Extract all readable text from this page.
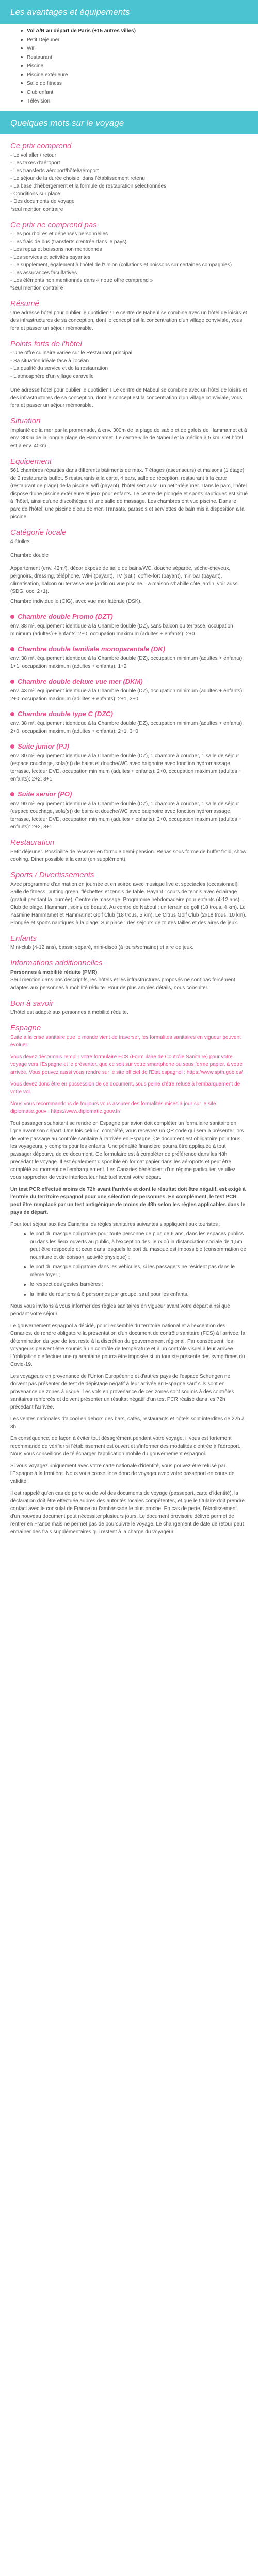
Les avantages et équipements
Vol A/R au départ de Paris (+15 autres villes)
Petit Déjeuner
Wifi
Restaurant
Piscine
Piscine extérieure
Salle de fitness
Club enfant
Télévision
Quelques mots sur le voyage
Ce prix comprend

- Le vol aller / retour

- Les taxes d'aéroport

- Les transferts aéroport/hôtel/aéroport

- Le séjour de la durée choisie, dans l'établissement retenu

- La base d'hébergement et la formule de restauration sélectionnées.

- Conditions sur place

- Des documents de voyage

*seul mention contraire

Ce prix ne comprend pas

- Les pourboires et dépenses personnelles

- Les frais de bus (transferts d'entrée dans le pays)

- Les repas et boissons non mentionnés

- Les services et activités payantes

- Le supplément, également à l'hôtel de l'Union (collations et boissons sur certaines compagnies)

- Les assurances facultatives

- Les éléments non mentionnés dans « notre offre comprend »

*seul mention contraire

Résumé
Une adresse hôtel pour oublier le quotidien ! Le centre de Nabeul se combine avec un hôtel de loisirs et des infrastructures de sa conception, dont le concept est la concentration d'un village conviviale, vous fera et passer un séjour mémorable.
Points forts de l'hôtel

- Une offre culinaire variée sur le Restaurant principal

- Sa situation idéale face à l'océan

- La qualité du service et de la restauration

- L'atmosphère d'un village caravelle

Une adresse hôtel pour oublier le quotidien ! Le centre de Nabeul se combine avec un hôtel de loisirs et des infrastructures de sa conception, dont le concept est la concentration d'un village conviviale, vous fera et passer un séjour mémorable.
Situation
Implanté de la mer par la promenade, à env. 300m de la plage de sable et de galets de Hammamet et à env. 800m de la longue plage de Hammamet. Le centre-ville de Nabeul et la médina à 5 km. Cet hôtel est à env. 40km.
Equipement
561 chambres réparties dans différents bâtiments de max. 7 étages (ascenseurs) et maisons (1 étage) de 2 restaurants buffet, 5 restaurants à la carte, 4 bars, salle de réception, restaurant à la carte (restaurant de plage) de la piscine, wifi (payant), l'hôtel sert aussi un petit-déjeuner. Dans le parc, l'hôtel dispose d'une piscine extérieure et jeux pour enfants. Le centre de plongée et sports nautiques est situé à l'hôtel, ainsi qu'une discothèque et une salle de massage. Les chambres ont vue piscine. Dans le parc de l'hôtel, une piscine d'eau de mer. Transats, parasols et serviettes de bain mis à disposition à la piscine.
Catégorie locale
4 étoiles
Chambre double
Appartement (env. 42m²), décor exposé de salle de bains/WC, douche séparée, sèche-cheveux, peignoirs, dressing, téléphone, WiFi (payant), TV (sat.), coffre-fort (payant), minibar (payant), climatisation, balcon ou terrasse vue jardin ou vue piscine. La maison s'habille côté jardin, voir aussi (SDG, occ. 2+1).
Chambre individuelle (CIG), avec vue mer latérale (DSK).
Chambre double Promo (DZT)
env. 38 m². équipement identique à la Chambre double (DZ), sans balcon ou terrasse, occupation minimum (adultes) + enfants: 2+0, occupation maximum (adultes + enfants): 2+0
Chambre double familiale monoparentale (DK)
env. 38 m². équipement identique à la Chambre double (DZ), occupation minimum (adultes + enfants): 1+1, occupation maximum (adultes + enfants): 1+2
Chambre double deluxe vue mer (DKM)
env. 43 m². équipement identique à la Chambre double (DZ), occupation minimum (adultes + enfants): 2+0, occupation maximum (adultes + enfants): 2+1, 3+0
Chambre double type C (DZC)
env. 38 m². équipement identique à la Chambre double (DZ), occupation minimum (adultes + enfants): 2+0, occupation maximum (adultes + enfants): 2+1, 3+0
Suite junior (PJ)
env. 80 m². équipement identique à la Chambre double (DZ), 1 chambre à coucher, 1 salle de séjour (espace couchage, sofa(s)) de bains et douche/WC avec baignoire avec fonction hydromassage, terrasse, lecteur DVD, occupation minimum (adultes + enfants): 2+0, occupation maximum (adultes + enfants): 2+2, 3+1
Suite senior (PO)
env. 90 m². équipement identique à la Chambre double (DZ), 1 chambre à coucher, 1 salle de séjour (espace couchage, sofa(s)) de bains et douche/WC avec baignoire avec fonction hydromassage, terrasse, lecteur DVD, occupation minimum (adultes + enfants): 2+0, occupation maximum (adultes + enfants): 2+2, 3+1
Restauration
Petit déjeuner. Possibilité de réserver en formule demi-pension. Repas sous forme de buffet froid, show cooking. Dîner possible à la carte (en supplément).
Sports / Divertissements
Avec programme d'animation en journée et en soirée avec musique live et spectacles (occasionnel). Salle de fitness, putting green, fléchettes et tennis de table. Payant : cours de tennis avec éclairage (gratuit pendant la journée). Centre de massage. Programme hebdomadaire pour enfants (4-12 ans). Club de plage. Hammam, soins de beauté. Au centre de Nabeul : un terrain de golf (18 trous, 4 km). Le Yasmine Hammamet et Hammamet Golf Club (18 trous, 5 km). Le Citrus Golf Club (2x18 trous, 10 km). Plongée et sports nautiques à la plage. Sur place : des séjours de toutes tailles et des aires de jeux.
Enfants
Mini-club (4-12 ans), bassin séparé, mini-disco (à jours/semaine) et aire de jeux.
Informations additionnelles
Personnes à mobilité réduite (PMR)
Seul mention dans nos descriptifs, les hôtels et les infrastructures proposés ne sont pas forcément adaptés aux personnes à mobilité réduite. Pour de plus amples détails, nous consulter.
Bon à savoir
L'hôtel est adapté aux personnes à mobilité réduite.
Espagne

Suite à la crise sanitaire que le monde vient de traverser, les formalités sanitaires en vigueur peuvent évoluer.

Vous devez désormais remplir votre formulaire FCS (Formulaire de Contrôle Sanitaire) pour votre voyage vers l'Espagne et le présenter, que ce soit sur votre smartphone ou sous forme papier, à votre arrivée. Vous pouvez aussi vous rendre sur le site officiel de l'Etat espagnol : https://www.spth.gob.es/

Vous devez donc être en possession de ce document, sous peine d'être refusé à l'embarquement de votre vol.

Nous vous recommandons de toujours vous assurer des formalités mises à jour sur le site diplomatie.gouv : https://www.diplomatie.gouv.fr/

Tout passager souhaitant se rendre en Espagne par avion doit compléter un formulaire sanitaire en ligne avant son départ. Une fois celui-ci complété, vous recevrez un QR code qui sera à présenter lors de votre passage au contrôle sanitaire à l'arrivée en Espagne. Ce document est obligatoire pour tous les voyageurs, y compris pour les enfants. Une pénalité financière pourra être appliquée à tout passager dépourvu de ce document. Ce formulaire est à compléter de préférence dans les 48h précédant le voyage. Il est également disponible en format papier dans les aéroports et peut être complété au moment de l'embarquement. Les Canaries bénéficient d'un régime particulier, veuillez vous rapprocher de votre interlocuteur habituel avant votre départ.

Un test PCR effectué moins de 72h avant l'arrivée et dont le résultat doit être négatif, est exigé à l'entrée du territoire espagnol pour une sélection de personnes. En complément, le test PCR peut être remplacé par un test antigénique de moins de 48h selon les règles applicables dans le pays de départ.

Pour tout séjour aux îles Canaries les règles sanitaires suivantes s'appliquent aux touristes :

le port du masque obligatoire pour toute personne de plus de 6 ans, dans les espaces publics ou dans les lieux ouverts au public, à l'exception des lieux où la distanciation sociale de 1,5m peut être respectée et ceux dans lesquels le port du masque est impossible (consommation de nourriture et de boisson, activité physique) ;
le port du masque obligatoire dans les véhicules, si les passagers ne résident pas dans le même foyer ;
le respect des gestes barrières ;
la limite de réunions à 6 personnes par groupe, sauf pour les enfants.

Nous vous invitons à vous informer des règles sanitaires en vigueur avant votre départ ainsi que pendant votre séjour.

Le gouvernement espagnol a décidé, pour l'ensemble du territoire national et à l'exception des Canaries, de rendre obligatoire la présentation d'un document de contrôle sanitaire (FCS) à l'arrivée, la détermination du type de test reste à la discrétion du gouvernement régional. Par conséquent, les voyageurs peuvent être soumis à un contrôle de température et à un contrôle visuel à leur arrivée. L'obligation d'effectuer une quarantaine pourra être imposée si un touriste présente des symptômes du Covid-19.

Les voyageurs en provenance de l'Union Européenne et d'autres pays de l'espace Schengen ne doivent pas présenter de test de dépistage négatif à leur arrivée en Espagne sauf s'ils sont en provenance de zones à risque. Les vols en provenance de ces zones sont soumis à des contrôles sanitaires renforcés et doivent présenter un résultat négatif d'un test PCR réalisé dans les 72h précédant l'arrivée.

Les ventes nationales d'alcool en dehors des bars, cafés, restaurants et hôtels sont interdites de 22h à 8h.

En conséquence, de façon à éviter tout désagrément pendant votre voyage, il vous est fortement recommandé de vérifier si l'établissement est ouvert et s'informer des modalités d'entrée à l'aéroport. Nous vous conseillons de télécharger l'application mobile du gouvernement espagnol.

Si vous voyagez uniquement avec votre carte nationale d'identité, vous pouvez être refusé par l'Espagne à la frontière. Nous vous conseillons donc de voyager avec votre passeport en cours de validité.

Il est rappelé qu'en cas de perte ou de vol des documents de voyage (passeport, carte d'identité), la déclaration doit être effectuée auprès des autorités locales compétentes, et que le titulaire doit prendre contact avec le consulat de France ou l'ambassade le plus proche. En cas de perte, l'établissement d'un nouveau document peut nécessiter plusieurs jours. Le document provisoire délivré permet de rentrer en France mais ne permet pas de poursuivre le voyage. Le changement de date de retour peut entraîner des frais supplémentaires qui restent à la charge du voyageur.
